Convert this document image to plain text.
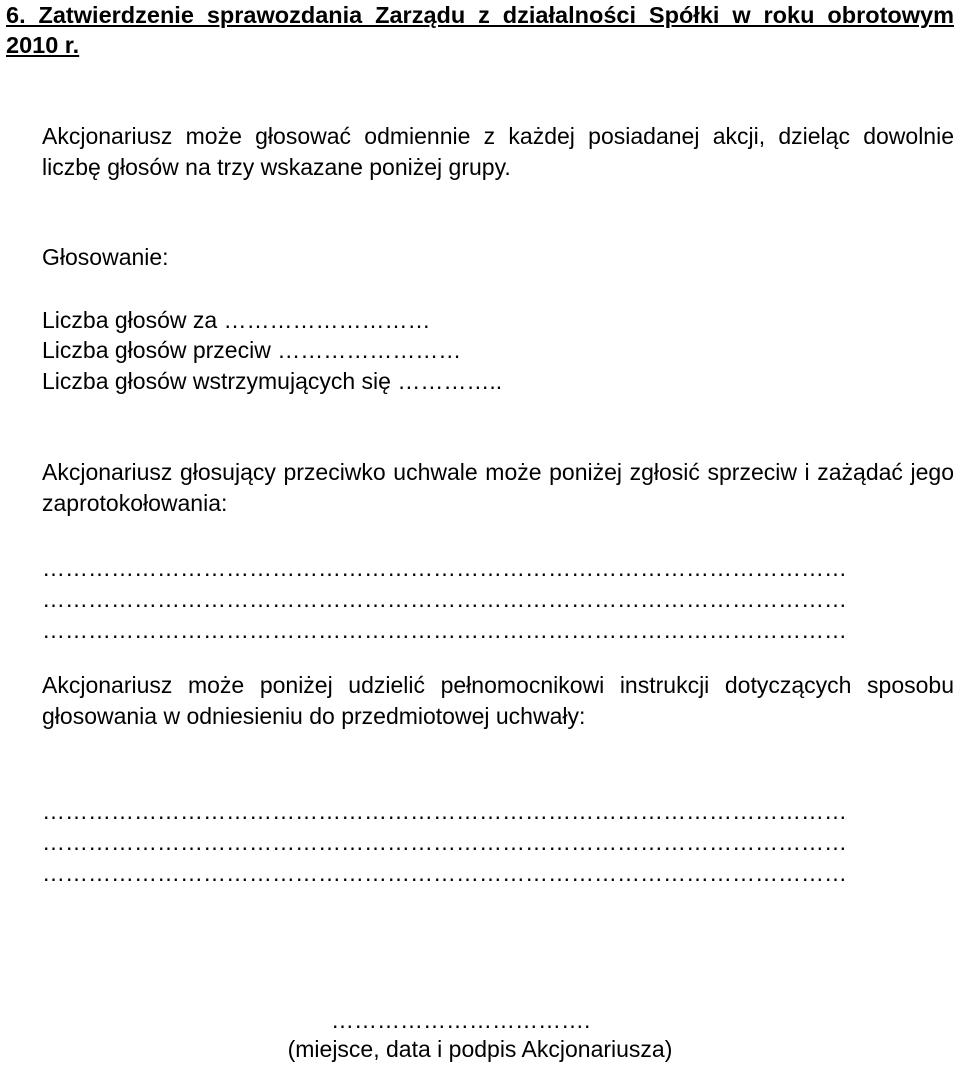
6. Zatwierdzenie sprawozdania Zarządu z działalności Spółki w roku obrotowym 2010 r.

Akcjonariusz może głosować odmiennie z każdej posiadanej akcji, dzieląc dowolnie liczbę głosów na trzy wskazane poniżej grupy.

Głosowanie:

Liczba głosów za ………………………

Liczba głosów przeciw ……………………

Liczba głosów wstrzymujących się …………..

Akcjonariusz głosujący przeciwko uchwale może poniżej zgłosić sprzeciw i zażądać jego zaprotokołowania:

……………………………………………………………………………………………

……………………………………………………………………………………………

……………………………………………………………………………………………

Akcjonariusz może poniżej udzielić pełnomocnikowi instrukcji dotyczących sposobu głosowania w odniesieniu do przedmiotowej uchwały:

……………………………………………………………………………………………

……………………………………………………………………………………………

……………………………………………………………………………………………

…………………………….

(miejsce, data i podpis Akcjonariusza)
